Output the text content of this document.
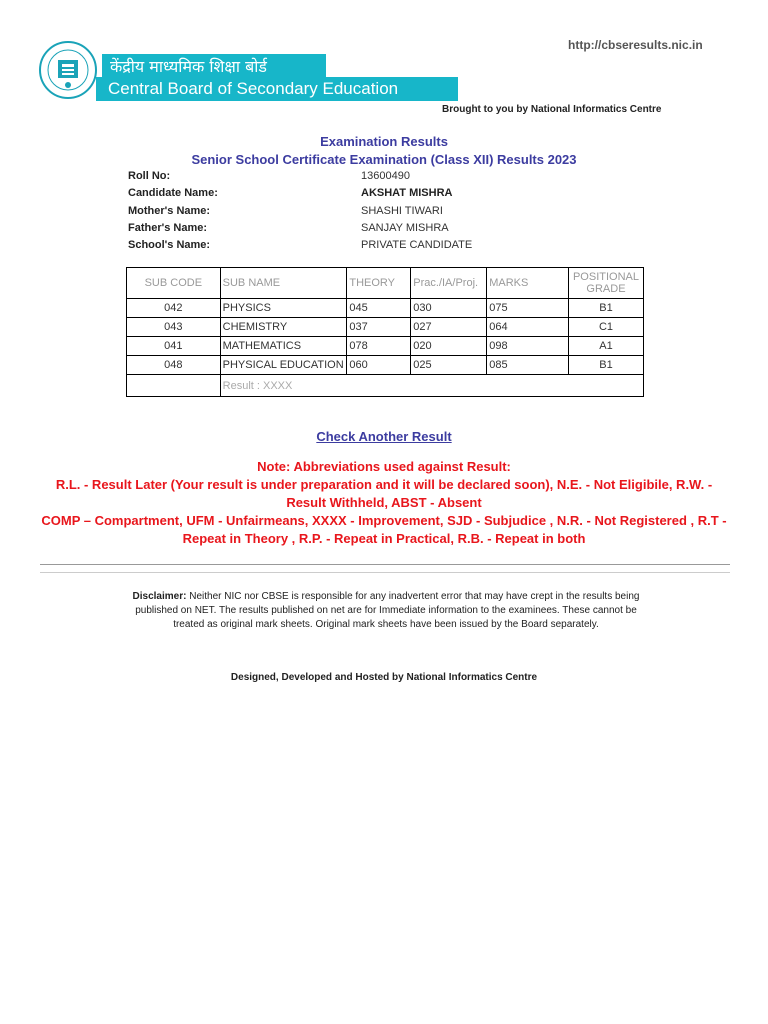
http://cbseresults.nic.in
केंद्रीय माध्यमिक शिक्षा बोर्ड
Central Board of Secondary Education
Brought to you by National Informatics Centre
Examination Results
Senior School Certificate Examination (Class XII) Results 2023
Roll No:	13600490
Candidate Name:	AKSHAT MISHRA
Mother's Name:	SHASHI TIWARI
Father's Name:	SANJAY MISHRA
School's Name:	PRIVATE CANDIDATE
SUB CODE	SUB NAME	THEORY	Prac./IA/Proj.	MARKS	POSITIONAL GRADE
042	PHYSICS	045	030	075	B1
043	CHEMISTRY	037	027	064	C1
041	MATHEMATICS	078	020	098	A1
048	PHYSICAL EDUCATION	060	025	085	B1
	Result : XXXX				
Check Another Result
Note: Abbreviations used against Result:
R.L. - Result Later (Your result is under preparation and it will be declared soon), N.E. - Not Eligibile, R.W. - Result Withheld, ABST - Absent
COMP – Compartment, UFM - Unfairmeans, XXXX - Improvement, SJD - Subjudice , N.R. - Not Registered , R.T - Repeat in Theory , R.P. - Repeat in Practical, R.B. - Repeat in both
Disclaimer: Neither NIC nor CBSE is responsible for any inadvertent error that may have crept in the results being published on NET. The results published on net are for Immediate information to the examinees. These cannot be treated as original mark sheets. Original mark sheets have been issued by the Board separately.
Designed, Developed and Hosted by National Informatics Centre
